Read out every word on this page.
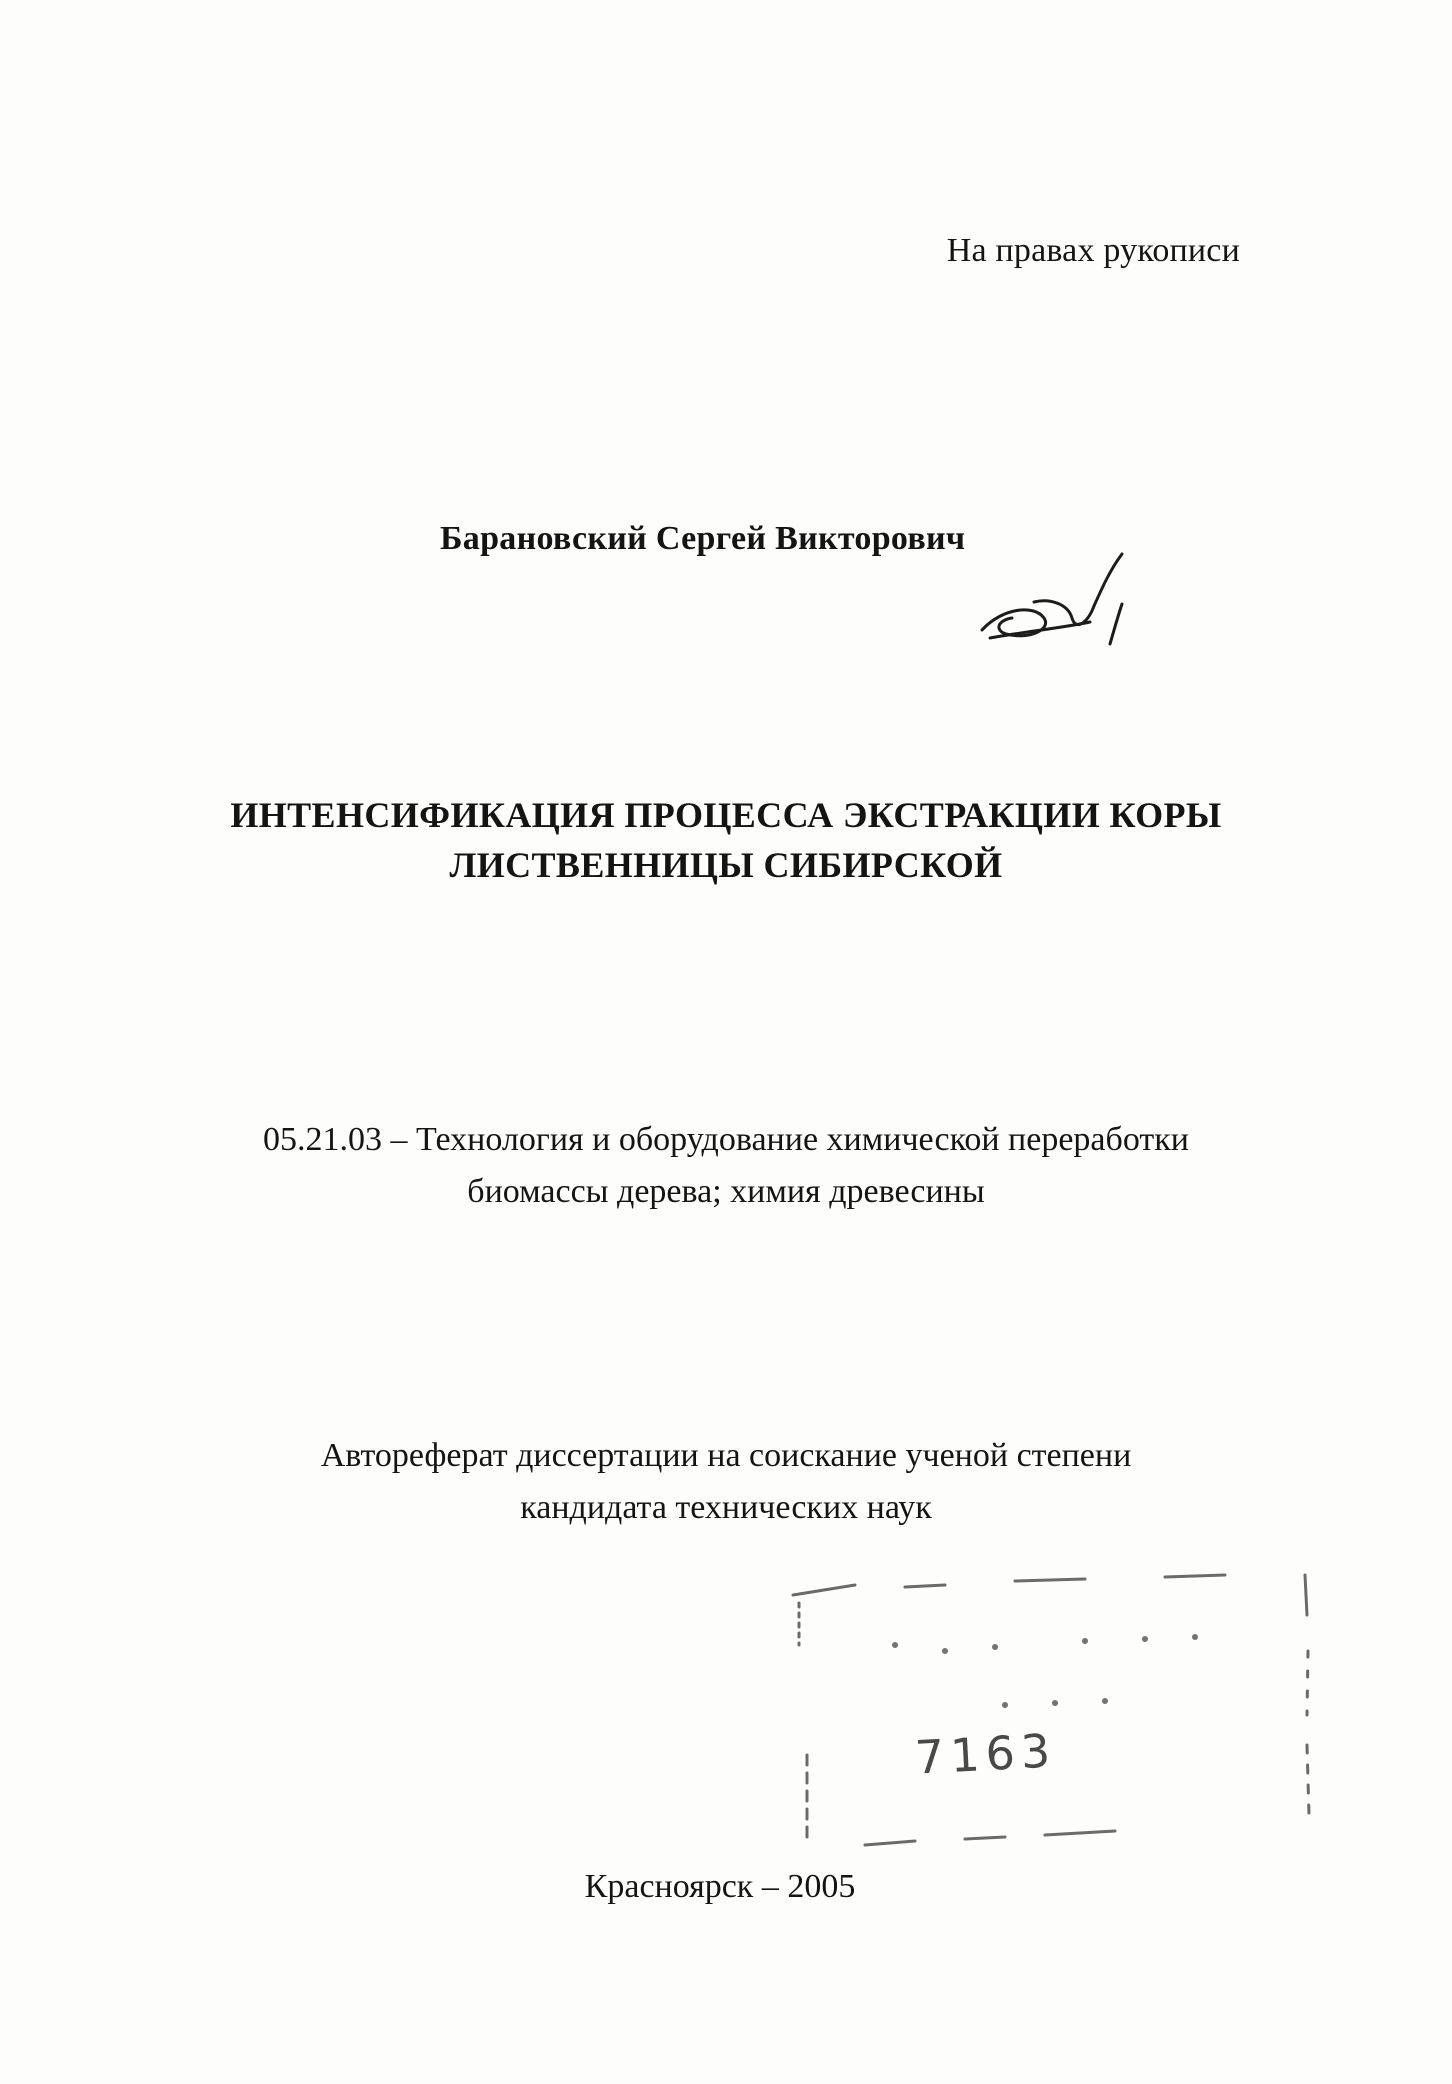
На правах рукописи
Барановский Сергей Викторович
ИНТЕНСИФИКАЦИЯ ПРОЦЕССА ЭКСТРАКЦИИ КОРЫ
ЛИСТВЕННИЦЫ СИБИРСКОЙ
05.21.03 – Технология и оборудование химической переработки
биомассы дерева; химия древесины
Автореферат диссертации на соискание ученой степени
кандидата технических наук
7163
Красноярск – 2005
